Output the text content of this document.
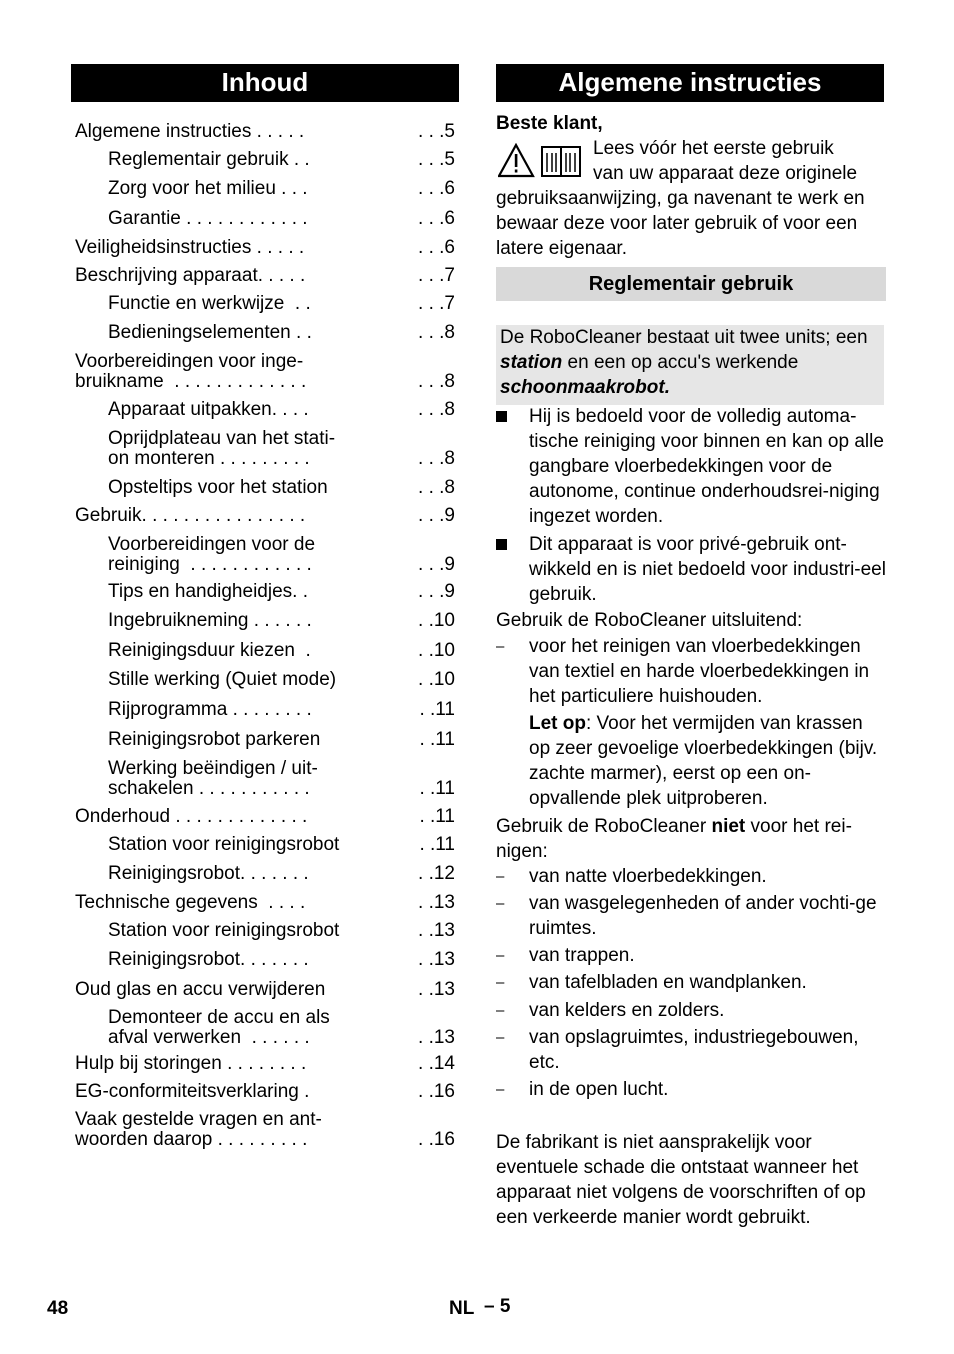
Inhoud	Algemene instructies
Algemene instructies . . . . .	. . .5
Reglementair gebruik . .	. . .5
Zorg voor het milieu . . .	. . .6
Garantie . . . . . . . . . . . .	. . .6
Veiligheidsinstructies . . . . .	. . .6
Beschrijving apparaat. . . . .	. . .7
Functie en werkwijze  . .	. . .7
Bedieningselementen . .	. . .8
Voorbereidingen voor inge-
bruikname  . . . . . . . . . . . . .	. . .8
Apparaat uitpakken. . . .	. . .8
Oprijdplateau van het stati-
on monteren . . . . . . . . .	. . .8
Opsteltips voor het station	. . .8
Gebruik. . . . . . . . . . . . . . . .	. . .9
Voorbereidingen voor de
reiniging  . . . . . . . . . . . .	. . .9
Tips en handigheidjes. .	. . .9
Ingebruikneming . . . . . .	. .10
Reinigingsduur kiezen  .	. .10
Stille werking (Quiet mode)	. .10
Rijprogramma . . . . . . . .	. .11
Reinigingsrobot parkeren	. .11
Werking beëindigen / uit-
schakelen . . . . . . . . . . .	. .11
Onderhoud . . . . . . . . . . . . .	. .11
Station voor reinigingsrobot	. .11
Reinigingsrobot. . . . . . .	. .12
Technische gegevens  . . . .	. .13
Station voor reinigingsrobot	. .13
Reinigingsrobot. . . . . . .	. .13
Oud glas en accu verwijderen	. .13
Demonteer de accu en als
afval verwerken  . . . . . .	. .13
Hulp bij storingen . . . . . . . .	. .14
EG-conformiteitsverklaring .	. .16
Vaak gestelde vragen en ant-
woorden daarop . . . . . . . . .	. .16
Beste klant,
Lees vóór het eerste gebruik
van uw apparaat deze originele
gebruiksaanwijzing, ga navenant te werk en bewaar deze voor later gebruik of voor een latere eigenaar.
Reglementair gebruik
De RoboCleaner bestaat uit twee units; een station en een op accu's werkende schoonmaakrobot.
Hij is bedoeld voor de volledig automa-tische reiniging voor binnen en kan op alle gangbare vloerbedekkingen voor de autonome, continue onderhoudsrei-niging ingezet worden.
Dit apparaat is voor privé-gebruik ont-wikkeld en is niet bedoeld voor industri-eel gebruik.
Gebruik de RoboCleaner uitsluitend:
– voor het reinigen van vloerbedekkingen van textiel en harde vloerbedekkingen in het particuliere huishouden.
Let op: Voor het vermijden van krassen op zeer gevoelige vloerbedekkingen (bijv. zachte marmer), eerst op een on-opvallende plek uitproberen.
Gebruik de RoboCleaner niet voor het rei-nigen:
– van natte vloerbedekkingen.
– van wasgelegenheden of ander vochti-ge ruimtes.
– van trappen.
– van tafelbladen en wandplanken.
– van kelders en zolders.
– van opslagruimtes, industriegebouwen, etc.
– in de open lucht.
De fabrikant is niet aansprakelijk voor eventuele schade die ontstaat wanneer het apparaat niet volgens de voorschriften of op een verkeerde manier wordt gebruikt.
48	NL – 5
